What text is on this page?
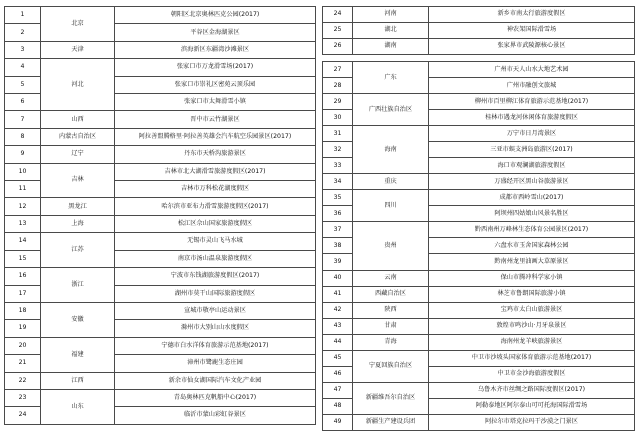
1	北京	朝阳区北京奥林匹克公园(2017)
2		平谷区金海湖景区
3	天津	滨海新区东疆湾沙滩景区
4	河北	张家口市万龙滑雪场(2017)
5		张家口市崇礼区密苑云顶乐园
6		张家口市太舞滑雪小镇
7	山西	晋中市云竹湖景区
8	内蒙古自治区	阿拉善盟腾格里·阿拉善英雄会汽车航空乐园景区(2017)
9	辽宁	丹东市天桥沟旅游景区
10	吉林	吉林市北大湖滑雪旅游度假区(2017)
11		吉林市万科松花湖度假区
12	黑龙江	哈尔滨市亚布力滑雪旅游度假区(2017)
13	上海	松江区佘山国家旅游度假区
14	江苏	无锡市灵山飞马水城
15		南京市汤山温泉旅游度假区
16	浙江	宁波市东钱湖旅游度假区(2017)
17		湖州市莫干山国际旅游度假区
18	安徽	宣城市敬亭山运动景区
19		滁州市大别山山水度假区
20	福建	宁德市白水洋体育旅游示范基地(2017)
21		漳州市鹭鹿生态庄园
22	江西	新余市仙女湖国际汽车文化产业园
23	山东	青岛奥林匹克帆船中心(2017)
24		临沂市蒙山彩虹谷景区
24	河南	新乡市南太行旅游度假区
25	湖北	神农架国际滑雪场
26	湖南	张家界市武陵源核心景区

27	广东	广州市天人山水大地艺术园
28		广州市融创文旅城
29	广西壮族自治区	柳州市百里柳江体育旅游示范基地(2017)
30		桂林市遇龙河休闲体育旅游度假区
31	海南	万宁市日月湾景区
32		三亚市蜈支洲岛旅游区(2017)
33		海口市观澜湖旅游度假区
34	重庆	万盛经开区黑山谷旅游景区
35	四川	成都市西岭雪山(2017)
36		阿坝州四姑娘山风景名胜区
37	贵州	黔西南州万峰林生态体育公园景区(2017)
38		六盘水市玉舍国家森林公园
39		黔南州龙里油画大草原景区
40	云南	保山市腾冲科学家小镇
41	西藏自治区	林芝市鲁朗国际旅游小镇
42	陕西	宝鸡市太白山旅游景区
43	甘肃	敦煌市鸣沙山·月牙泉景区
44	青海	海南州龙羊峡旅游景区
45	宁夏回族自治区	中卫市沙坡头国家体育旅游示范基地(2017)
46		中卫市金沙海旅游度假区
47	新疆维吾尔自治区	乌鲁木齐市丝绸之路国际度假区(2017)
48		阿勒泰地区阿尔泰山可可托海国际滑雪场
49	新疆生产建设兵团	阿拉尔市塔克拉玛干沙漠之门景区
